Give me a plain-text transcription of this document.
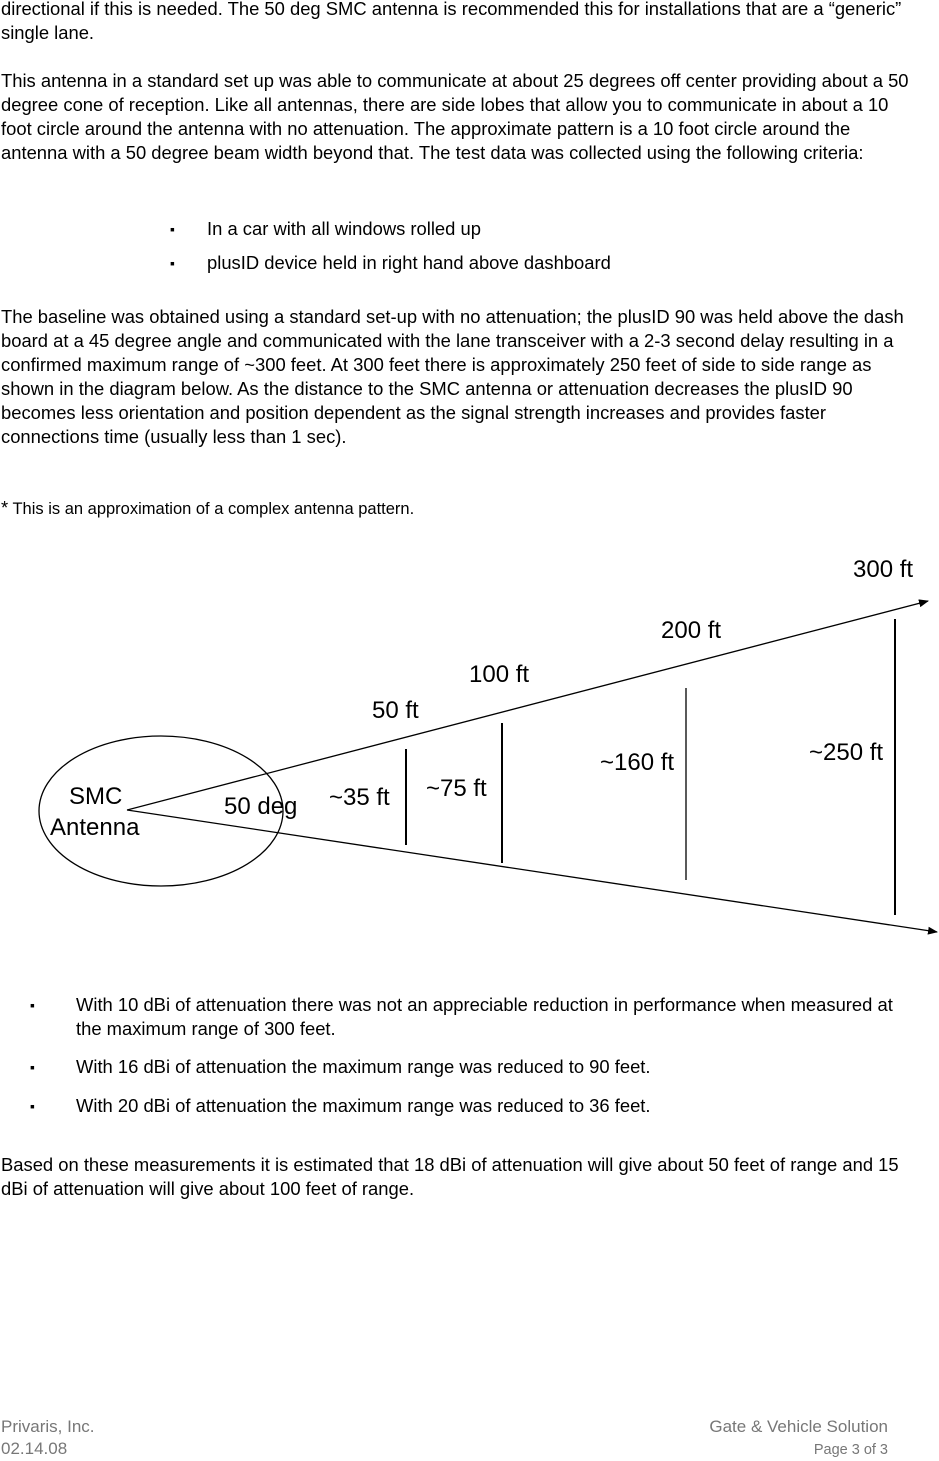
directional if this is needed. The 50 deg SMC antenna is recommended this for installations that are a “generic” single lane.

This antenna in a standard set up was able to communicate at about 25 degrees off center providing about a 50 degree cone of reception. Like all antennas, there are side lobes that allow you to communicate in about a 10 foot circle around the antenna with no attenuation. The approximate pattern is a 10 foot circle around the antenna with a 50 degree beam width beyond that. The test data was collected using the following criteria:

▪ In a car with all windows rolled up
▪ plusID device held in right hand above dashboard

The baseline was obtained using a standard set-up with no attenuation; the plusID 90 was held above the dash board at a 45 degree angle and communicated with the lane transceiver with a 2-3 second delay resulting in a confirmed maximum range of ~300 feet. At 300 feet there is approximately 250 feet of side to side range as shown in the diagram below. As the distance to the SMC antenna or attenuation decreases the plusID 90 becomes less orientation and position dependent as the signal strength increases and provides faster connections time (usually less than 1 sec).

* This is an approximation of a complex antenna pattern.
SMC
Antenna
50 deg
50 ft
100 ft
200 ft
300 ft
~35 ft ~75 ft
~160 ft	~250 ft
▪ With 10 dBi of attenuation there was not an appreciable reduction in performance when measured at the maximum range of 300 feet.
▪ With 16 dBi of attenuation the maximum range was reduced to 90 feet.
▪ With 20 dBi of attenuation the maximum range was reduced to 36 feet.

Based on these measurements it is estimated that 18 dBi of attenuation will give about 50 feet of range and 15 dBi of attenuation will give about 100 feet of range.

Privaris, Inc.
02.14.08
Gate & Vehicle Solution
Page 3 of 3
